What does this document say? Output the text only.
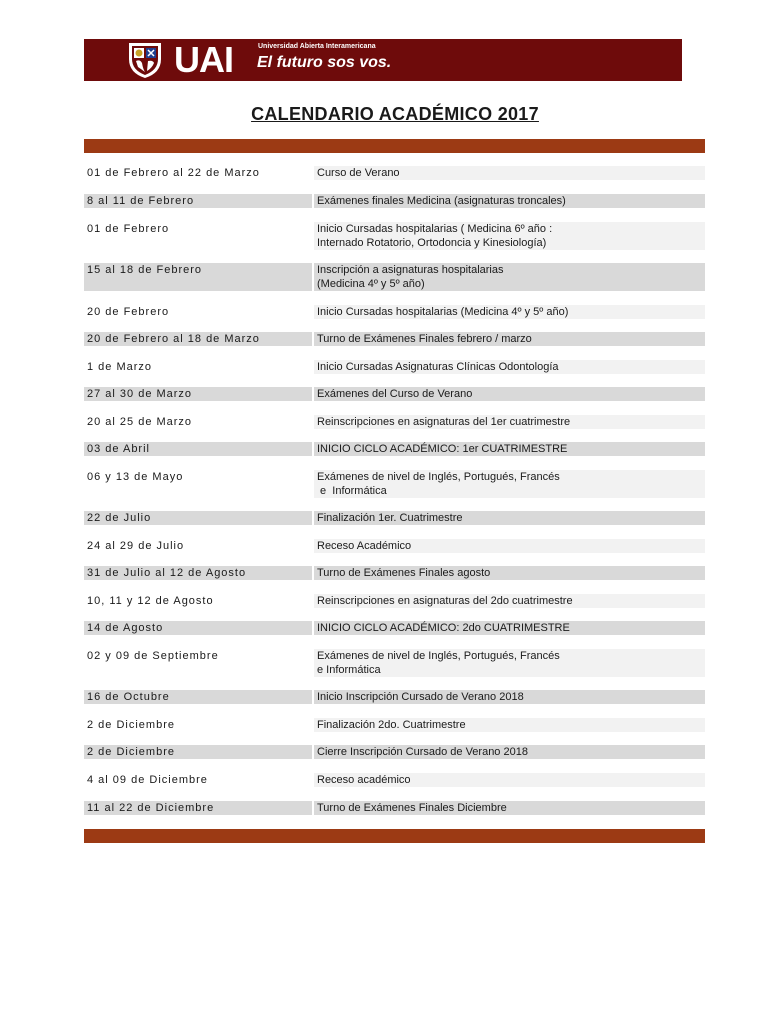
UAI	Universidad Abierta Interamericana
El futuro sos vos.
CALENDARIO ACADÉMICO 2017
01 de Febrero al 22 de Marzo	Curso de Verano
8 al 11 de Febrero	Exámenes finales Medicina (asignaturas troncales)
01 de Febrero	Inicio Cursadas hospitalarias ( Medicina 6º año :
Internado Rotatorio, Ortodoncia y Kinesiología)
15 al 18 de Febrero	Inscripción a asignaturas hospitalarias
(Medicina 4º y 5º año)
20 de Febrero	Inicio Cursadas hospitalarias (Medicina 4º y 5º año)
20 de Febrero al 18 de Marzo	Turno de Exámenes Finales febrero / marzo
1 de Marzo	Inicio Cursadas Asignaturas Clínicas Odontología
27 al 30 de Marzo	Exámenes del Curso de Verano
20 al 25 de Marzo	Reinscripciones en asignaturas del 1er cuatrimestre
03 de Abril	INICIO CICLO ACADÉMICO: 1er CUATRIMESTRE
06 y 13 de Mayo	Exámenes de nivel de Inglés, Portugués, Francés
e  Informática
22 de Julio	Finalización 1er. Cuatrimestre
24 al 29 de Julio	Receso Académico
31 de Julio al 12 de Agosto	Turno de Exámenes Finales agosto
10, 11 y 12 de Agosto	Reinscripciones en asignaturas del 2do cuatrimestre
14 de Agosto	INICIO CICLO ACADÉMICO: 2do CUATRIMESTRE
02 y 09 de Septiembre	Exámenes de nivel de Inglés, Portugués, Francés
e Informática
16 de Octubre	Inicio Inscripción Cursado de Verano 2018
2 de Diciembre	Finalización 2do. Cuatrimestre
2 de Diciembre	Cierre Inscripción Cursado de Verano 2018
4 al 09 de Diciembre	Receso académico
11 al 22 de Diciembre	Turno de Exámenes Finales Diciembre
